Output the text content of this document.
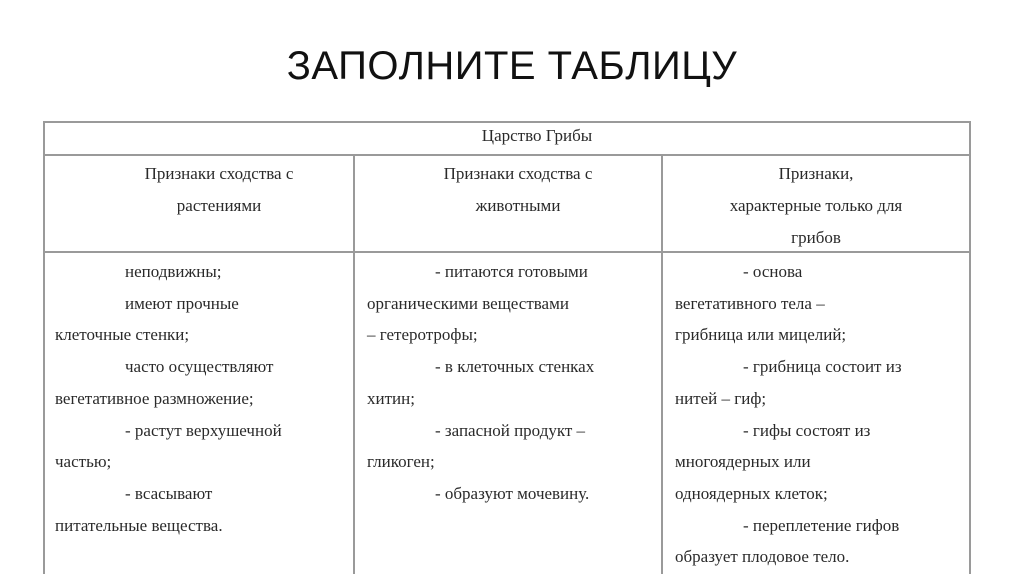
ЗАПОЛНИТЕ ТАБЛИЦУ
Царство Грибы
Признаки сходства с
растениями
Признаки сходства с
животными
Признаки,
характерные только для
грибов
неподвижны;
имеют прочные
клеточные стенки;
часто осуществляют
вегетативное размножение;
- растут верхушечной
частью;
- всасывают
питательные вещества.
- питаются готовыми
органическими веществами
– гетеротрофы;
- в клеточных стенках
хитин;
- запасной продукт –
гликоген;
- образуют мочевину.
- основа
вегетативного тела –
грибница или мицелий;
- грибница состоит из
нитей – гиф;
- гифы состоят из
многоядерных или
одноядерных клеток;
- переплетение гифов
образует плодовое тело.
